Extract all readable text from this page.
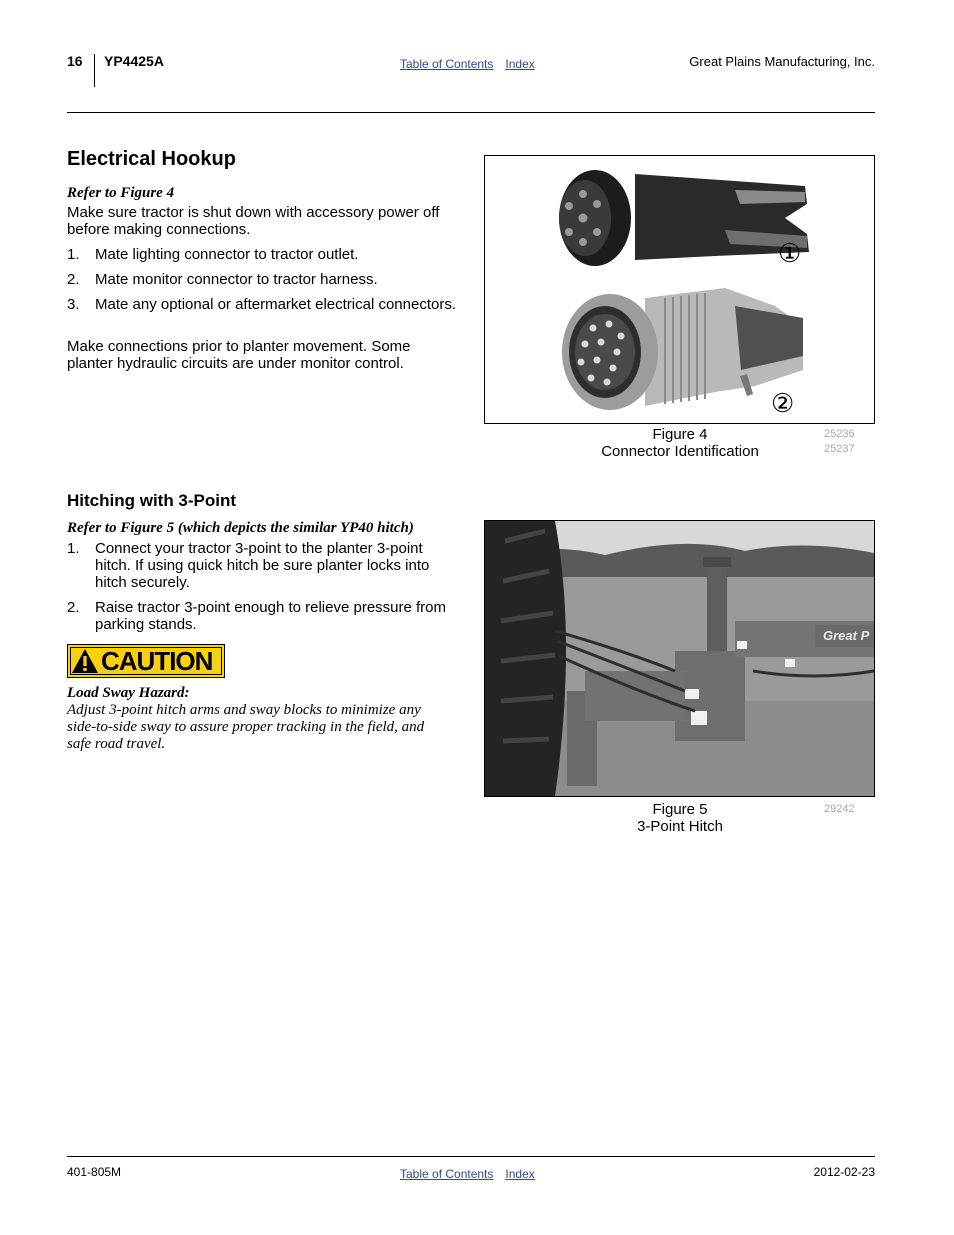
16 YP4425A	Table of Contents Index	Great Plains Manufacturing, Inc.
Electrical Hookup
Refer to Figure 4
Make sure tractor is shut down with accessory power off before making connections.
1. Mate lighting connector to tractor outlet.
2. Mate monitor connector to tractor harness.
3. Mate any optional or aftermarket electrical connectors.
Make connections prior to planter movement. Some planter hydraulic circuits are under monitor control.
①
②
Figure 4
Connector Identification
25236
25237
Hitching with 3-Point
Refer to Figure 5 (which depicts the similar YP40 hitch)
1. Connect your tractor 3-point to the planter 3-point hitch. If using quick hitch be sure planter locks into hitch securely.
2. Raise tractor 3-point enough to relieve pressure from parking stands.
CAUTION
Load Sway Hazard:
Adjust 3-point hitch arms and sway blocks to minimize any side-to-side sway to assure proper tracking in the field, and safe road travel.
Great P
Figure 5
3-Point Hitch
29242
401-805M	Table of Contents Index	2012-02-23
